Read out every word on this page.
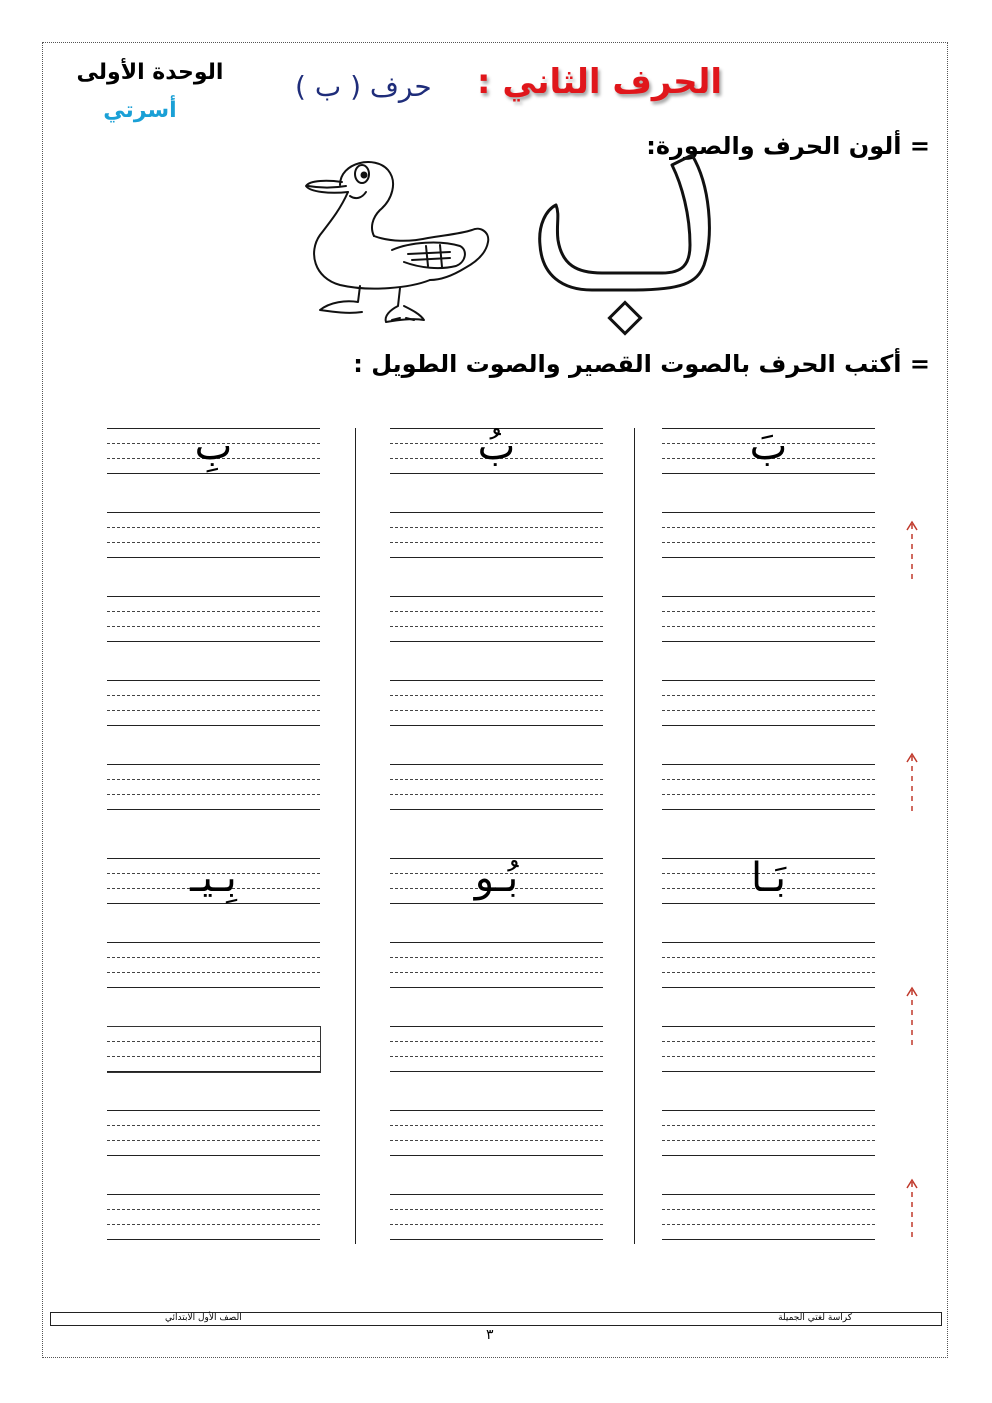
الوحدة الأولى
أسرتي
الحرف الثاني :
حرف ( ب )
= ألون الحرف والصورة:
= أكتب الحرف بالصوت القصير والصوت الطويل :
بَ
بَـا
بُ
بُـو
بِ
بِـيـ
كراسة لغتي الجميلة
الصف الأول الابتدائي
٣
